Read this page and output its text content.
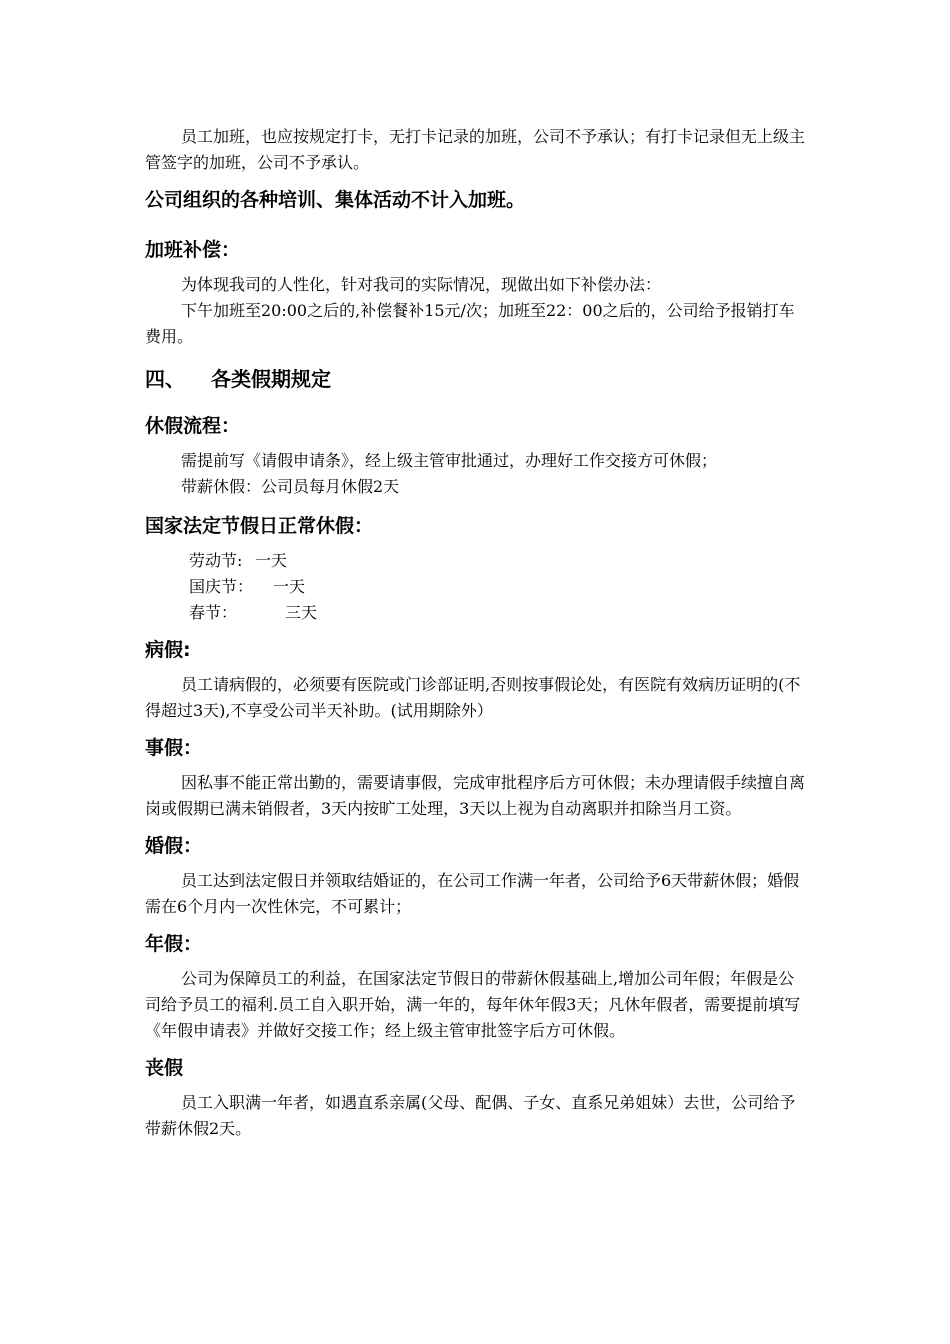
员工加班，也应按规定打卡，无打卡记录的加班，公司不予承认；有打卡记录但无上级主管签字的加班，公司不予承认。

公司组织的各种培训、集体活动不计入加班。

加班补偿：

为体现我司的人性化，针对我司的实际情况，现做出如下补偿办法：

下午加班至20:00之后的,补偿餐补15元/次；加班至22：00之后的，公司给予报销打车费用。

四、 各类假期规定

休假流程：

需提前写《请假申请条》，经上级主管审批通过，办理好工作交接方可休假；

带薪休假：公司员每月休假2天

国家法定节假日正常休假：

劳动节: 一天
国庆节： 一天
春节：	三天

病假:

员工请病假的，必须要有医院或门诊部证明,否则按事假论处，有医院有效病历证明的(不得超过3天),不享受公司半天补助。(试用期除外）

事假：

因私事不能正常出勤的，需要请事假，完成审批程序后方可休假；未办理请假手续擅自离岗或假期已满未销假者，3天内按旷工处理，3天以上视为自动离职并扣除当月工资。

婚假：

员工达到法定假日并领取结婚证的，在公司工作满一年者，公司给予6天带薪休假；婚假需在6个月内一次性休完，不可累计；

年假：

公司为保障员工的利益，在国家法定节假日的带薪休假基础上,增加公司年假；年假是公司给予员工的福利.员工自入职开始，满一年的，每年休年假3天；凡休年假者，需要提前填写《年假申请表》并做好交接工作；经上级主管审批签字后方可休假。

丧假

员工入职满一年者，如遇直系亲属(父母、配偶、子女、直系兄弟姐妹）去世，公司给予带薪休假2天。
